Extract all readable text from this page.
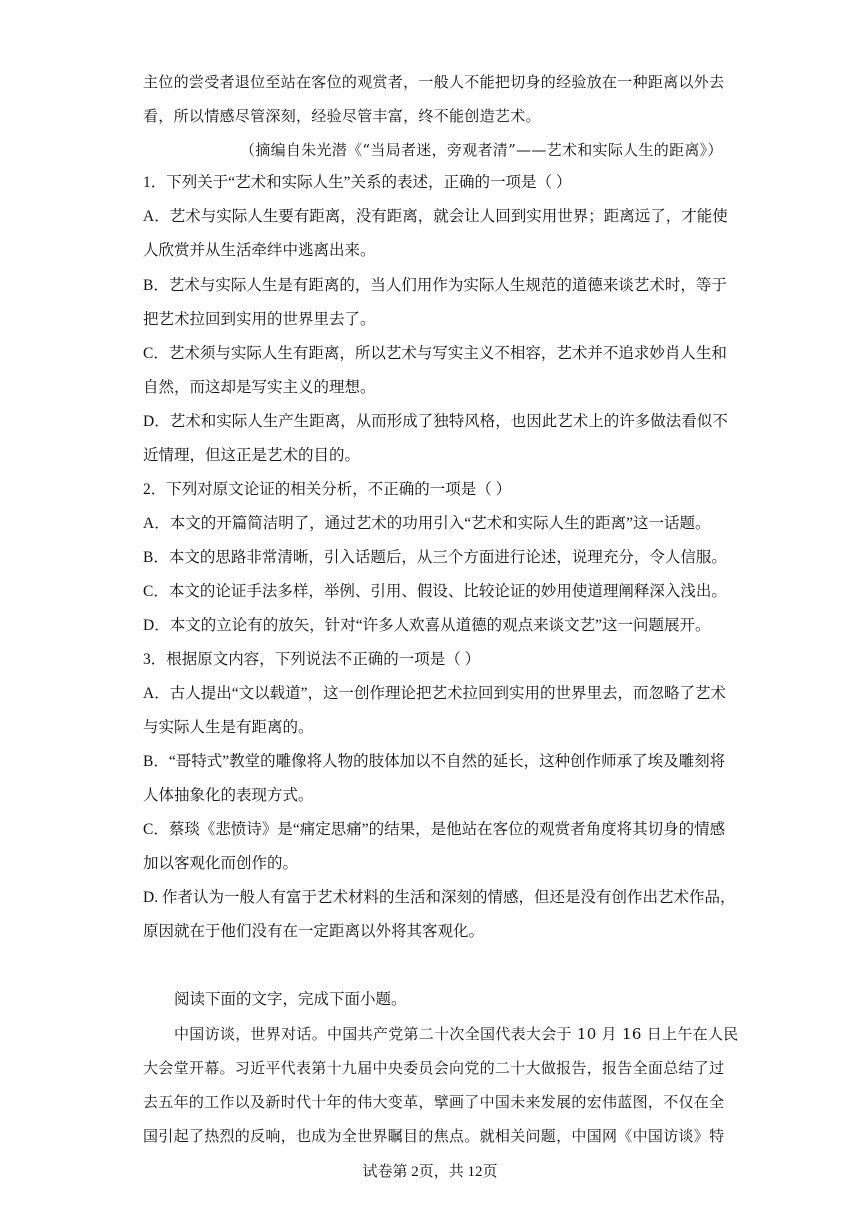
主位的尝受者退位至站在客位的观赏者，一般人不能把切身的经验放在一种距离以外去
看，所以情感尽管深刻，经验尽管丰富，终不能创造艺术。
（摘编自朱光潜《“当局者迷，旁观者清”——艺术和实际人生的距离》）
1．下列关于“艺术和实际人生”关系的表述，正确的一项是（ ）
A．艺术与实际人生要有距离，没有距离，就会让人回到实用世界；距离远了，才能使
人欣赏并从生活牵绊中逃离出来。
B．艺术与实际人生是有距离的，当人们用作为实际人生规范的道德来谈艺术时，等于
把艺术拉回到实用的世界里去了。
C．艺术须与实际人生有距离，所以艺术与写实主义不相容，艺术并不追求妙肖人生和
自然，而这却是写实主义的理想。
D．艺术和实际人生产生距离，从而形成了独特风格，也因此艺术上的许多做法看似不
近情理，但这正是艺术的目的。
2．下列对原文论证的相关分析，不正确的一项是（ ）
A．本文的开篇简洁明了，通过艺术的功用引入“艺术和实际人生的距离”这一话题。
B．本文的思路非常清晰，引入话题后，从三个方面进行论述，说理充分，令人信服。
C．本文的论证手法多样，举例、引用、假设、比较论证的妙用使道理阐释深入浅出。
D．本文的立论有的放矢，针对“许多人欢喜从道德的观点来谈文艺”这一问题展开。
3．根据原文内容，下列说法不正确的一项是（ ）
A．古人提出“文以载道”，这一创作理论把艺术拉回到实用的世界里去，而忽略了艺术
与实际人生是有距离的。
B．“哥特式”教堂的雕像将人物的肢体加以不自然的延长，这种创作师承了埃及雕刻将
人体抽象化的表现方式。
C．蔡琰《悲愤诗》是“痛定思痛”的结果，是他站在客位的观赏者角度将其切身的情感
加以客观化而创作的。
D. 作者认为一般人有富于艺术材料的生活和深刻的情感，但还是没有创作出艺术作品，
原因就在于他们没有在一定距离以外将其客观化。
阅读下面的文字，完成下面小题。
中国访谈，世界对话。中国共产党第二十次全国代表大会于 10 月 16 日上午在人民
大会堂开幕。习近平代表第十九届中央委员会向党的二十大做报告，报告全面总结了过
去五年的工作以及新时代十年的伟大变革，擘画了中国未来发展的宏伟蓝图，不仅在全
国引起了热烈的反响，也成为全世界瞩目的焦点。就相关问题，中国网《中国访谈》特
试卷第 2页，共 12页
